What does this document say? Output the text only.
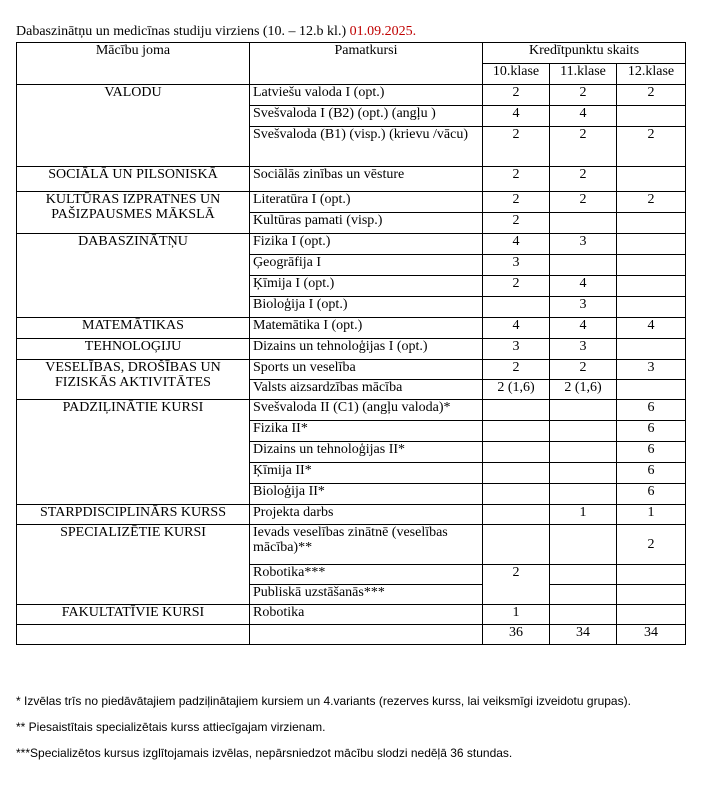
Dabaszinātņu un medicīnas studiju virziens (10. – 12.b kl.) 01.09.2025.
Mācību joma	Pamatkursi	Kredītpunktu skaits		
		10.klase	11.klase	12.klase
VALODU	Latviešu valoda I (opt.)	2	2	2
	Svešvaloda I (B2) (opt.) (angļu )	4	4	
	Svešvaloda (B1) (visp.) (krievu /vācu)	2	2	2
SOCIĀLĀ UN PILSONISKĀ	Sociālās zinības un vēsture	2	2	
KULTŪRAS IZPRATNES UN PAŠIZPAUSMES MĀKSLĀ	Literatūra I (opt.)	2	2	2
	Kultūras pamati (visp.)	2		
DABASZINĀTŅU	Fizika I (opt.)	4	3	
	Ģeogrāfija I	3		
	Ķīmija I (opt.)	2	4	
	Bioloģija I (opt.)		3	
MATEMĀTIKAS	Matemātika I (opt.)	4	4	4
TEHNOLOĢIJU	Dizains un tehnoloģijas I (opt.)	3	3	
VESELĪBAS, DROŠĪBAS UN FIZISKĀS AKTIVITĀTES	Sports un veselība	2	2	3
	Valsts aizsardzības mācība	2 (1,6)	2 (1,6)	
PADZIĻINĀTIE KURSI	Svešvaloda II (C1) (angļu valoda)*			6
	Fizika II*			6
	Dizains un tehnoloģijas II*			6
	Ķīmija II*			6
	Bioloģija II*			6
STARPDISCIPLINĀRS KURSS	Projekta darbs		1	1
SPECIALIZĒTIE KURSI	Ievads veselības zinātnē (veselības mācība)**			2
	Robotika***	2		
	Publiskā uzstāšanās***			
FAKULTATĪVIE KURSI	Robotika	1		
		36	34	34

* Izvēlas trīs no piedāvātajiem padziļinātajiem kursiem un 4.variants (rezerves kurss, lai veiksmīgi izveidotu grupas).

** Piesaistītais specializētais kurss attiecīgajam virzienam.

***Specializētos kursus izglītojamais izvēlas, nepārsniedzot mācību slodzi nedēļā 36 stundas.
